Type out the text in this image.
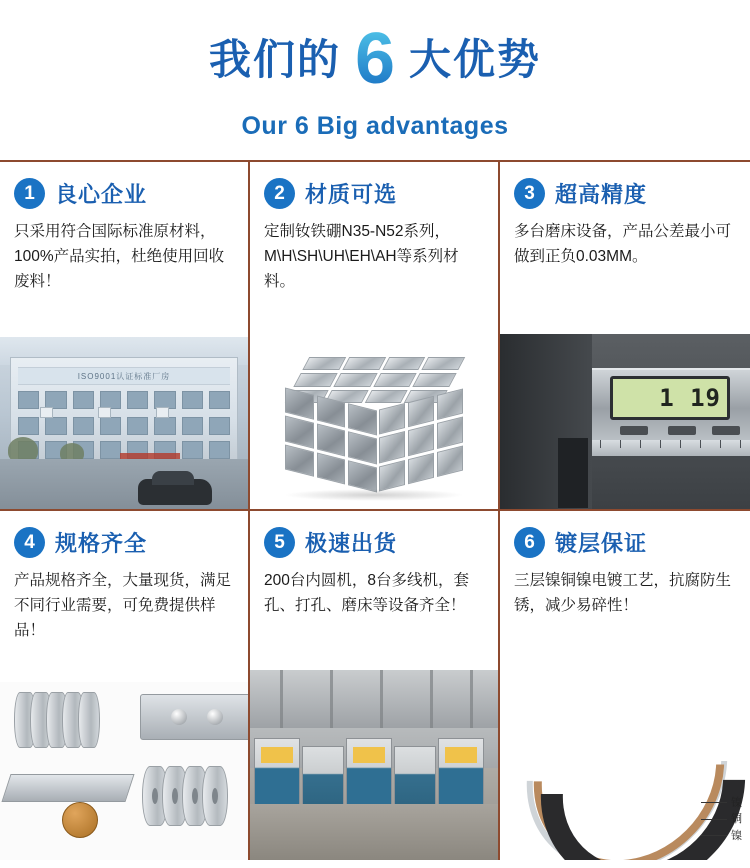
我们的 6 大优势
Our 6 Big advantages
1 良心企业
只采用符合国际标准原材料，100%产品实拍，杜绝使用回收废料！
ISO9001认证标准厂房
2 材质可选
定制钕铁硼N35-N52系列，M\H\SH\UH\EH\AH等系列材料。
3 超高精度
多台磨床设备，产品公差最小可做到正负0.03MM。
1 19
4 规格齐全
产品规格齐全，大量现货，满足不同行业需要，可免费提供样品！
5 极速出货
200台内圆机，8台多线机，套孔、打孔、磨床等设备齐全！
6 镀层保证
三层镍铜镍电镀工艺，抗腐防生锈，减少易碎性！
镍
铜
镍
